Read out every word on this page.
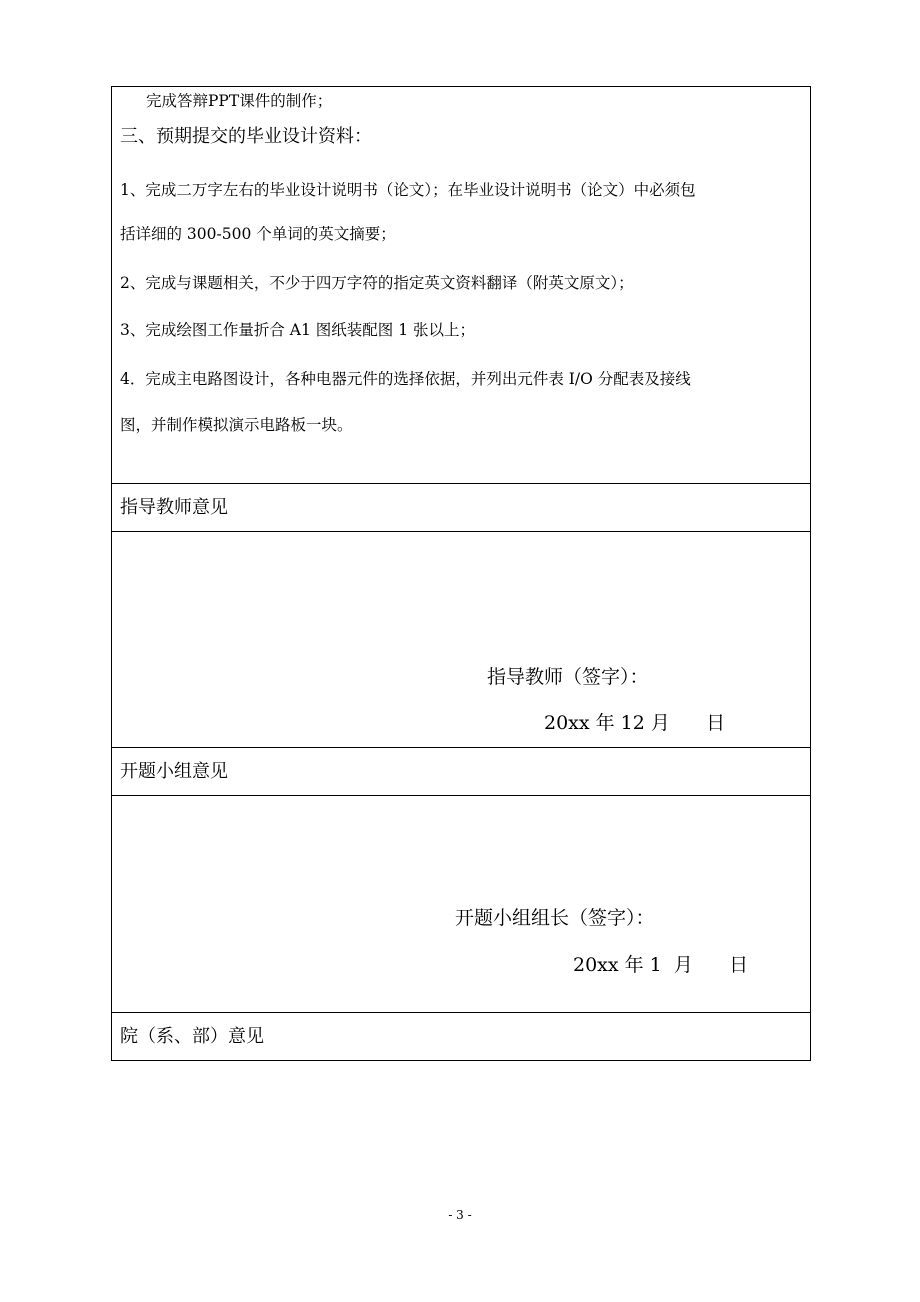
完成答辩PPT课件的制作；
三、预期提交的毕业设计资料：
1、完成二万字左右的毕业设计说明书（论文）；在毕业设计说明书（论文）中必须包
括详细的 300-500 个单词的英文摘要；
2、完成与课题相关，不少于四万字符的指定英文资料翻译（附英文原文）；
3、完成绘图工作量折合 A1 图纸装配图 1 张以上；
4．完成主电路图设计，各种电器元件的选择依据，并列出元件表 I/O 分配表及接线
图，并制作模拟演示电路板一块。
指导教师意见
指导教师（签字）：
20xx 年 12 月      日
开题小组意见
开题小组组长（签字）：
20xx 年 1  月      日
院（系、部）意见
- 3 -
